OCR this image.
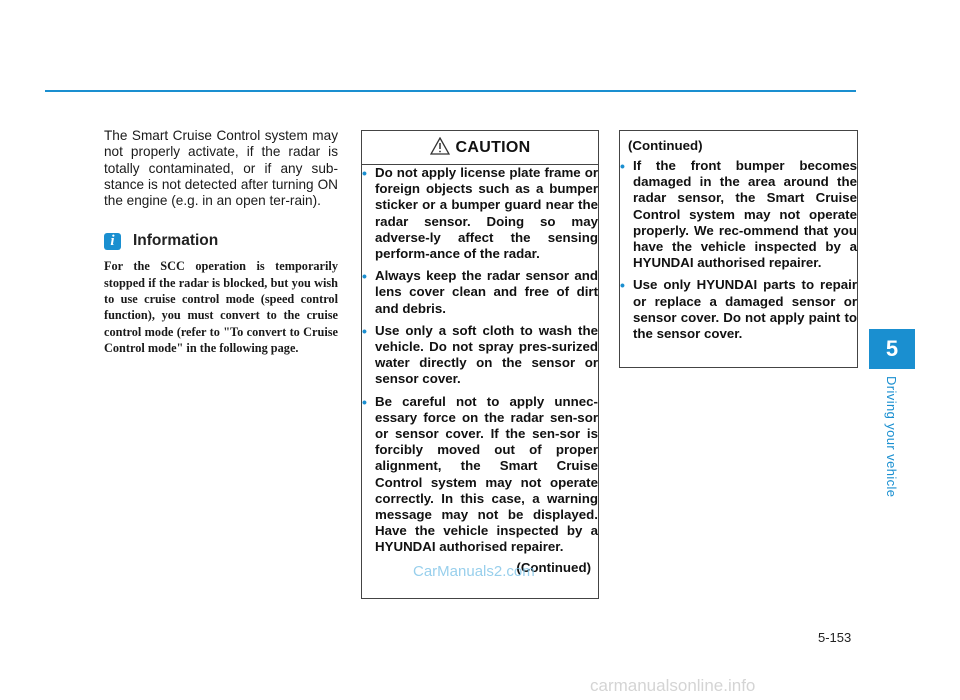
The Smart Cruise Control system may not properly activate, if the radar is totally contaminated, or if any sub-stance is not detected after turning ON the engine (e.g. in an open ter-rain).

i	Information

For the SCC operation is temporarily stopped if the radar is blocked, but you wish to use cruise control mode (speed control function), you must convert to the cruise control mode (refer to "To convert to Cruise Control mode" in the following page.

CAUTION
• Do not apply license plate frame or foreign objects such as a bumper sticker or a bumper guard near the radar sensor. Doing so may adverse-ly affect the sensing perform-ance of the radar.
• Always keep the radar sensor and lens cover clean and free of dirt and debris.
• Use only a soft cloth to wash the vehicle. Do not spray pres-surized water directly on the sensor or sensor cover.
• Be careful not to apply unnec-essary force on the radar sen-sor or sensor cover. If the sen-sor is forcibly moved out of proper alignment, the Smart Cruise Control system may not operate correctly. In this case, a warning message may not be displayed. Have the vehicle inspected by a HYUNDAI authorised repairer.
(Continued)
CarManuals2.com
(Continued)
• If the front bumper becomes damaged in the area around the radar sensor, the Smart Cruise Control system may not operate properly. We rec-ommend that you have the vehicle inspected by a HYUNDAI authorised repairer.
• Use only HYUNDAI parts to repair or replace a damaged sensor or sensor cover. Do not apply paint to the sensor cover.
5
Driving your vehicle
5-153
carmanualsonline.info
